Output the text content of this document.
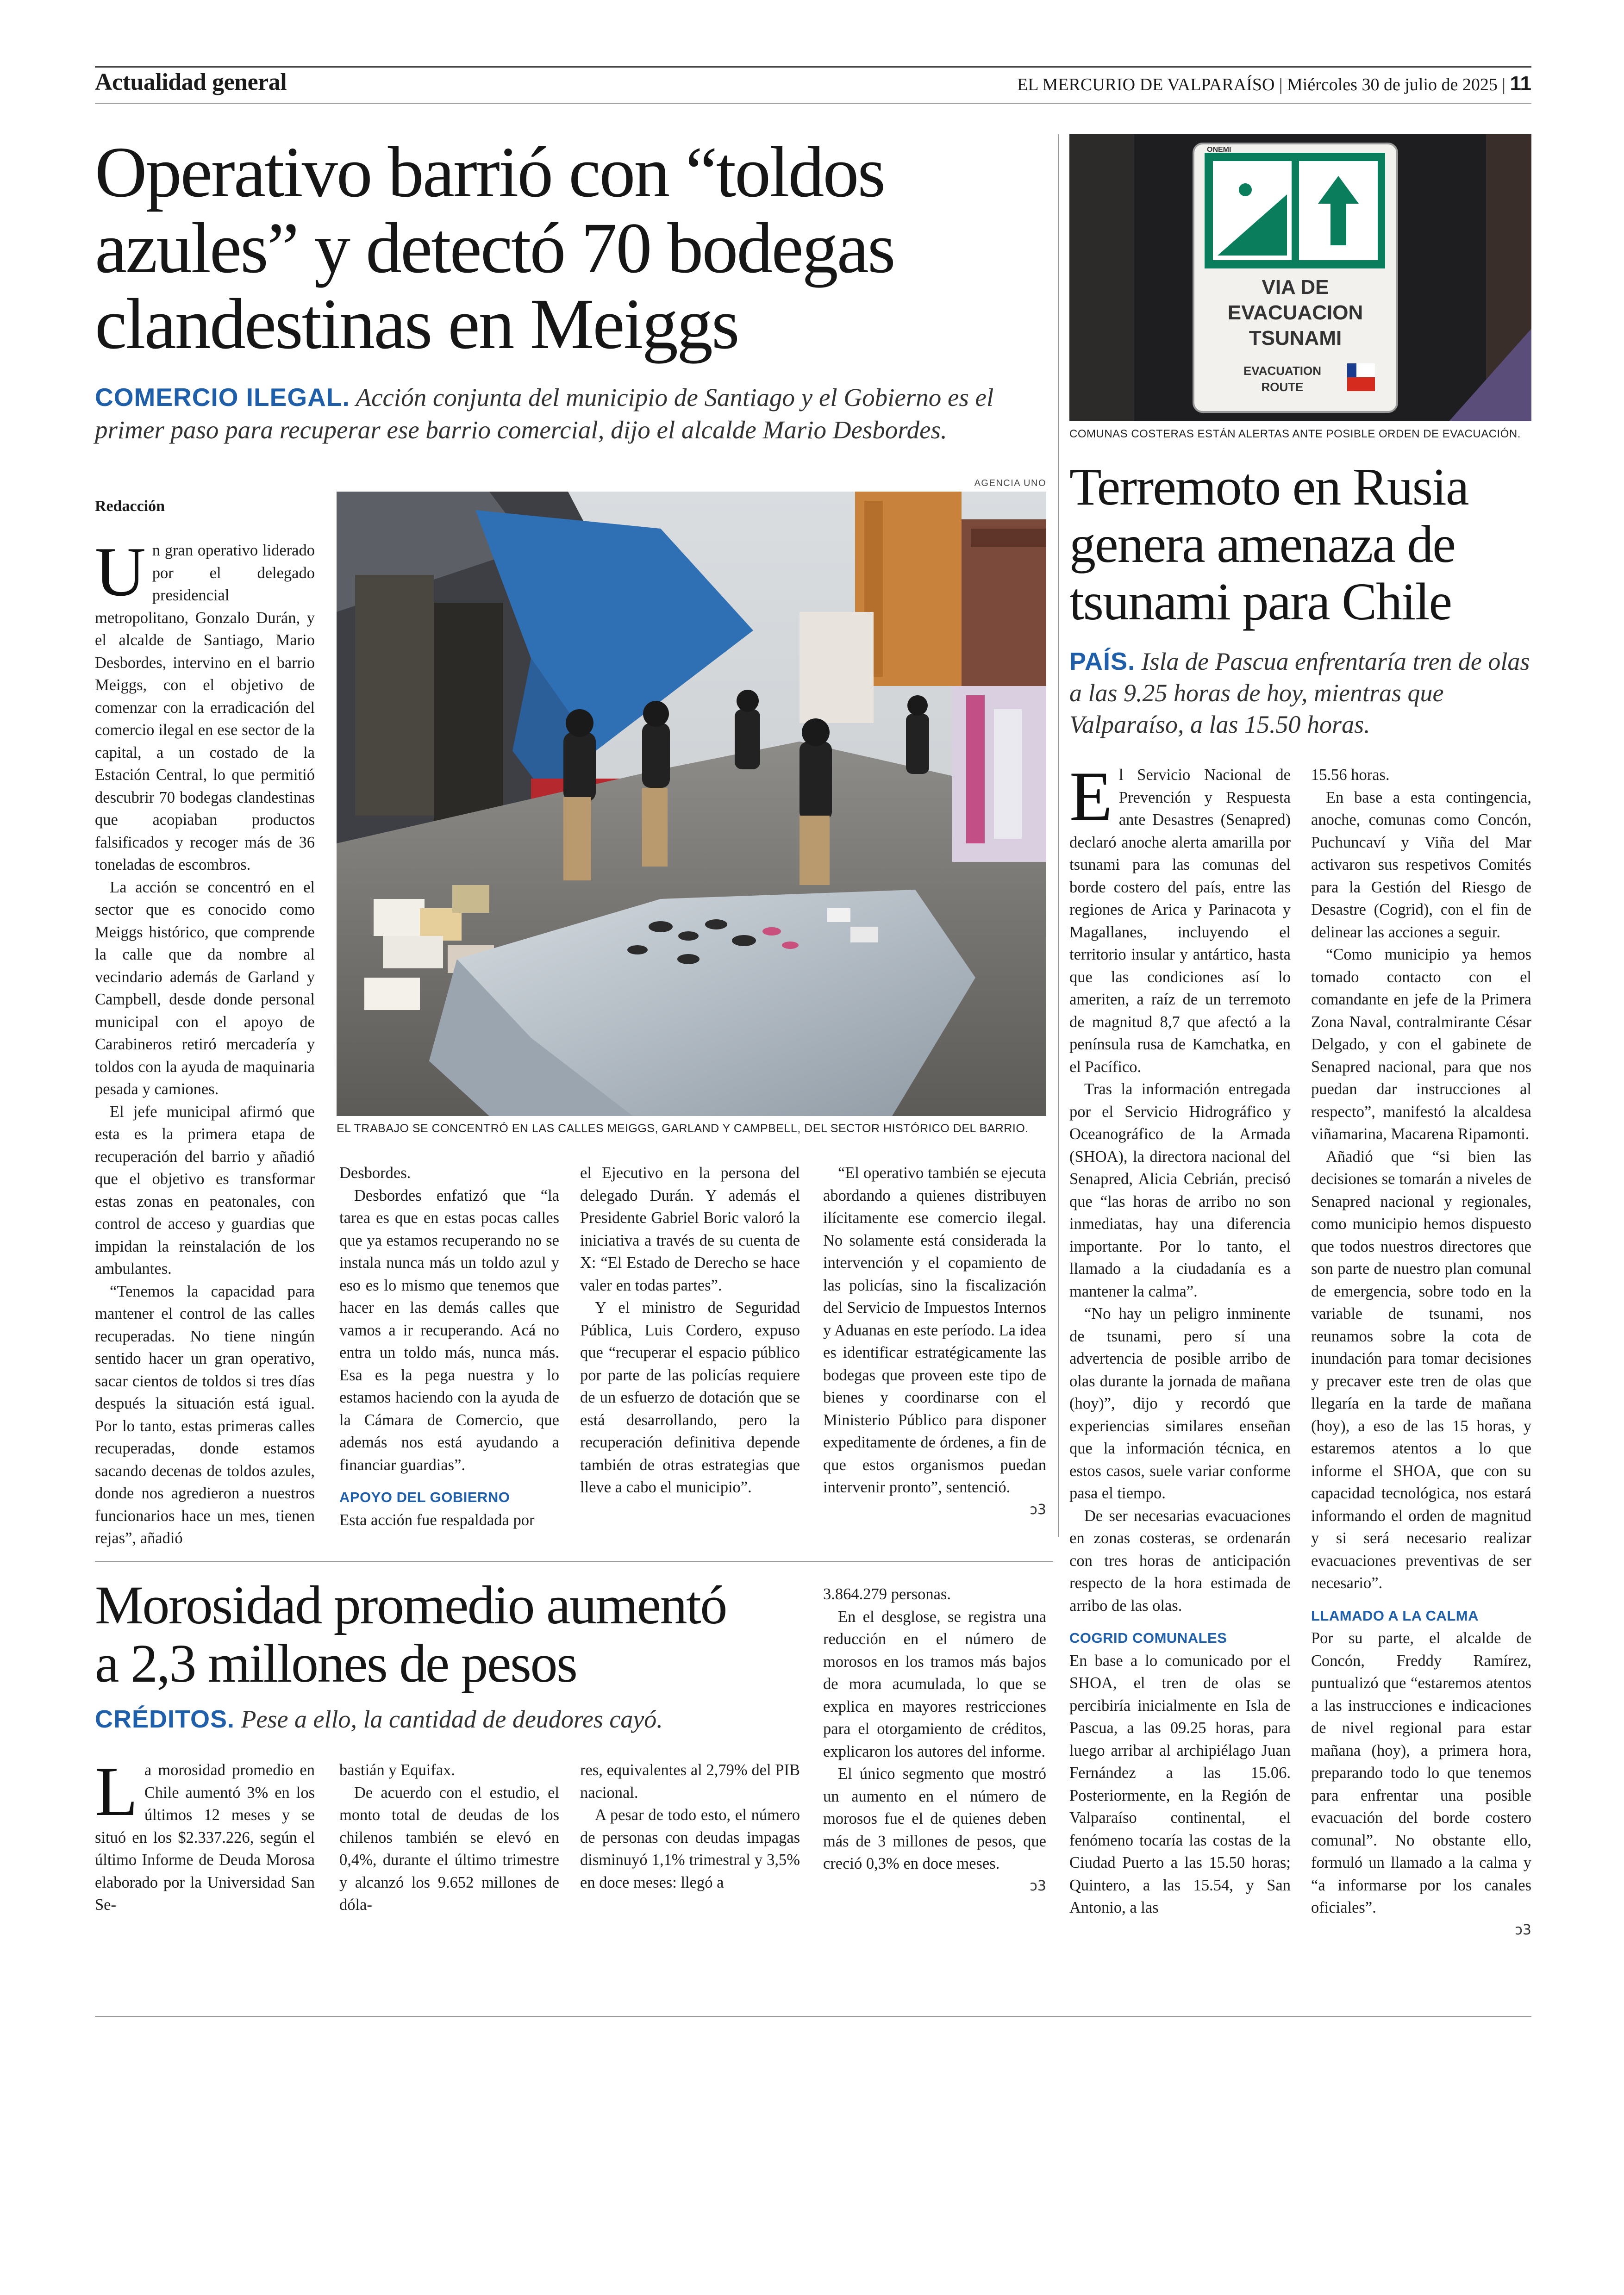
Actualidad general	EL MERCURIO DE VALPARAÍSO | Miércoles 30 de julio de 2025 | 11
Operativo barrió con “toldos
azules” y detectó 70 bodegas
clandestinas en Meiggs
COMERCIO ILEGAL. Acción conjunta del municipio de Santiago y el Gobierno es el primer paso para recuperar ese barrio comercial, dijo el alcalde Mario Desbordes.
Redacción
AGENCIA UNO
EL TRABAJO SE CONCENTRÓ EN LAS CALLES MEIGGS, GARLAND Y CAMPBELL, DEL SECTOR HISTÓRICO DEL BARRIO.

Un gran operativo liderado por el delegado presidencial metropolitano, Gonzalo Durán, y el alcalde de Santiago, Mario Desbordes, intervino en el barrio Meiggs, con el objetivo de comenzar con la erradicación del comercio ilegal en ese sector de la capital, a un costado de la Estación Central, lo que permitió descubrir 70 bodegas clandestinas que acopiaban productos falsificados y recoger más de 36 toneladas de escombros.

La acción se concentró en el sector que es conocido como Meiggs histórico, que comprende la calle que da nombre al vecindario además de Garland y Campbell, desde donde personal municipal con el apoyo de Carabineros retiró mercadería y toldos con la ayuda de maquinaria pesada y camiones.

El jefe municipal afirmó que esta es la primera etapa de recuperación del barrio y añadió que el objetivo es transformar estas zonas en peatonales, con control de acceso y guardias que impidan la reinstalación de los ambulantes.

“Tenemos la capacidad para mantener el control de las calles recuperadas. No tiene ningún sentido hacer un gran operativo, sacar cientos de toldos si tres días después la situación está igual. Por lo tanto, estas primeras calles recuperadas, donde estamos sacando decenas de toldos azules, donde nos agredieron a nuestros funcionarios hace un mes, tienen rejas”, añadió

Desbordes.

Desbordes enfatizó que “la tarea es que en estas pocas calles que ya estamos recuperando no se instala nunca más un toldo azul y eso es lo mismo que tenemos que hacer en las demás calles que vamos a ir recuperando. Acá no entra un toldo más, nunca más. Esa es la pega nuestra y lo estamos haciendo con la ayuda de la Cámara de Comercio, que además nos está ayudando a financiar guardias”.

APOYO DEL GOBIERNO

Esta acción fue respaldada por

el Ejecutivo en la persona del delegado Durán. Y además el Presidente Gabriel Boric valoró la iniciativa a través de su cuenta de X: “El Estado de Derecho se hace valer en todas partes”.

Y el ministro de Seguridad Pública, Luis Cordero, expuso que “recuperar el espacio público por parte de las policías requiere de un esfuerzo de dotación que se está desarrollando, pero la recuperación definitiva depende también de otras estrategias que lleve a cabo el municipio”.

“El operativo también se ejecuta abordando a quienes distribuyen ilícitamente ese comercio ilegal. No solamente está considerada la intervención y el copamiento de las policías, sino la fiscalización del Servicio de Impuestos Internos y Aduanas en este período. La idea es identificar estratégicamente las bodegas que proveen este tipo de bienes y coordinarse con el Ministerio Público para disponer expeditamente de órdenes, a fin de que estos organismos puedan intervenir pronto”, sentenció.

ↄ3
ONEMI
VIA DE
EVACUACION
TSUNAMI
EVACUATION
ROUTE
COMUNAS COSTERAS ESTÁN ALERTAS ANTE POSIBLE ORDEN DE EVACUACIÓN.
Terremoto en Rusia
genera amenaza de
tsunami para Chile
PAÍS. Isla de Pascua enfrentaría tren de olas a las 9.25 horas de hoy, mientras que Valparaíso, a las 15.50 horas.

El Servicio Nacional de Prevención y Respuesta ante Desastres (Senapred) declaró anoche alerta amarilla por tsunami para las comunas del borde costero del país, entre las regiones de Arica y Parinacota y Magallanes, incluyendo el territorio insular y antártico, hasta que las condiciones así lo ameriten, a raíz de un terremoto de magnitud 8,7 que afectó a la península rusa de Kamchatka, en el Pacífico.

Tras la información entregada por el Servicio Hidrográfico y Oceanográfico de la Armada (SHOA), la directora nacional del Senapred, Alicia Cebrián, precisó que “las horas de arribo no son inmediatas, hay una diferencia importante. Por lo tanto, el llamado a la ciudadanía es a mantener la calma”.

“No hay un peligro inminente de tsunami, pero sí una advertencia de posible arribo de olas durante la jornada de mañana (hoy)”, dijo y recordó que experiencias similares enseñan que la información técnica, en estos casos, suele variar conforme pasa el tiempo.

De ser necesarias evacuaciones en zonas costeras, se ordenarán con tres horas de anticipación respecto de la hora estimada de arribo de las olas.

COGRID COMUNALES

En base a lo comunicado por el SHOA, el tren de olas se percibiría inicialmente en Isla de Pascua, a las 09.25 horas, para luego arribar al archipiélago Juan Fernández a las 15.06. Posteriormente, en la Región de Valparaíso continental, el fenómeno tocaría las costas de la Ciudad Puerto a las 15.50 horas; Quintero, a las 15.54, y San Antonio, a las

15.56 horas.

En base a esta contingencia, anoche, comunas como Concón, Puchuncaví y Viña del Mar activaron sus respetivos Comités para la Gestión del Riesgo de Desastre (Cogrid), con el fin de delinear las acciones a seguir.

“Como municipio ya hemos tomado contacto con el comandante en jefe de la Primera Zona Naval, contralmirante César Delgado, y con el gabinete de Senapred nacional, para que nos puedan dar instrucciones al respecto”, manifestó la alcaldesa viñamarina, Macarena Ripamonti.

Añadió que “si bien las decisiones se tomarán a niveles de Senapred nacional y regionales, como municipio hemos dispuesto que todos nuestros directores que son parte de nuestro plan comunal de emergencia, sobre todo en la variable de tsunami, nos reunamos sobre la cota de inundación para tomar decisiones y precaver este tren de olas que llegaría en la tarde de mañana (hoy), a eso de las 15 horas, y estaremos atentos a lo que informe el SHOA, que con su capacidad tecnológica, nos estará informando el orden de magnitud y si será necesario realizar evacuaciones preventivas de ser necesario”.

LLAMADO A LA CALMA

Por su parte, el alcalde de Concón, Freddy Ramírez, puntualizó que “estaremos atentos a las instrucciones e indicaciones de nivel regional para estar mañana (hoy), a primera hora, preparando todo lo que tenemos para enfrentar una posible evacuación del borde costero comunal”. No obstante ello, formuló un llamado a la calma y “a informarse por los canales oficiales”.

ↄ3
Morosidad promedio aumentó
a 2,3 millones de pesos
CRÉDITOS. Pese a ello, la cantidad de deudores cayó.

La morosidad promedio en Chile aumentó 3% en los últimos 12 meses y se situó en los $2.337.226, según el último Informe de Deuda Morosa elaborado por la Universidad San Se-

bastián y Equifax.

De acuerdo con el estudio, el monto total de deudas de los chilenos también se elevó en 0,4%, durante el último trimestre y alcanzó los 9.652 millones de dóla-

res, equivalentes al 2,79% del PIB nacional.

A pesar de todo esto, el número de personas con deudas impagas disminuyó 1,1% trimestral y 3,5% en doce meses: llegó a

3.864.279 personas.

En el desglose, se registra una reducción en el número de morosos en los tramos más bajos de mora acumulada, lo que se explica en mayores restricciones para el otorgamiento de créditos, explicaron los autores del informe.

El único segmento que mostró un aumento en el número de morosos fue el de quienes deben más de 3 millones de pesos, que creció 0,3% en doce meses.

ↄ3
